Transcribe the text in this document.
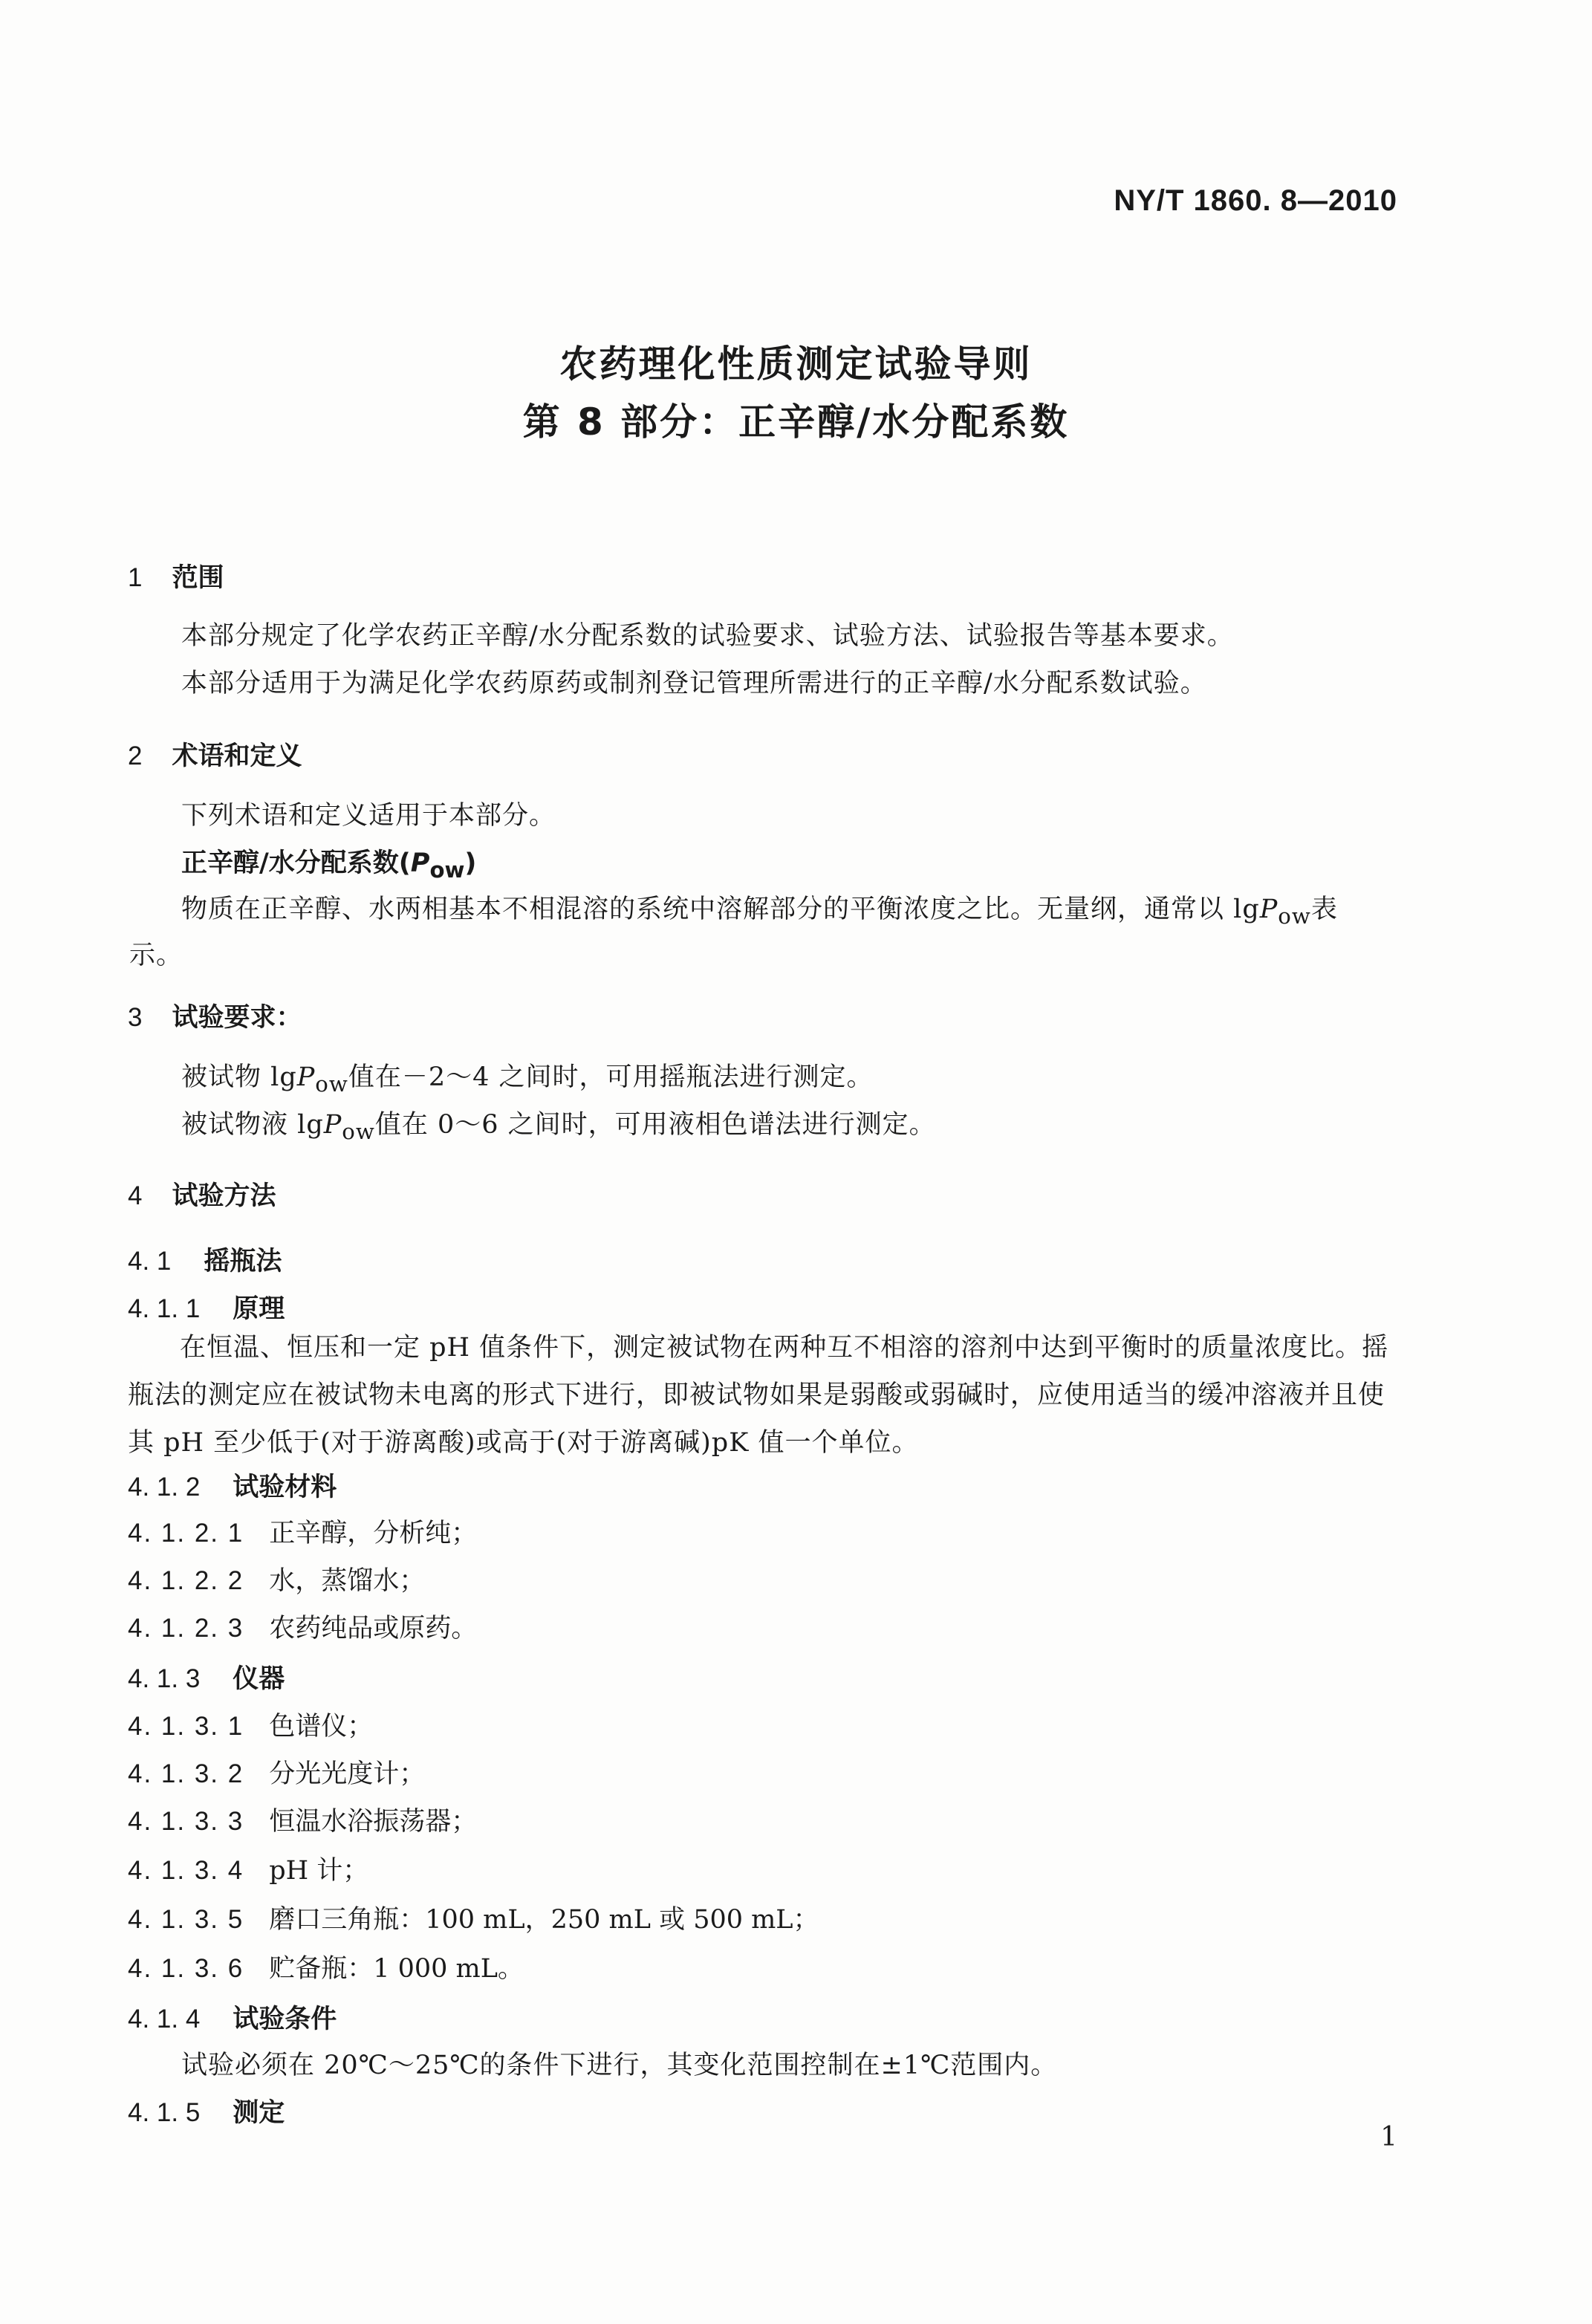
NY/T 1860. 8—2010
农药理化性质测定试验导则
第 8 部分：正辛醇/水分配系数
1 范围
本部分规定了化学农药正辛醇/水分配系数的试验要求、试验方法、试验报告等基本要求。
本部分适用于为满足化学农药原药或制剂登记管理所需进行的正辛醇/水分配系数试验。
2 术语和定义
下列术语和定义适用于本部分。
正辛醇/水分配系数$(P_{ow})$
物质在正辛醇、水两相基本不相混溶的系统中溶解部分的平衡浓度之比。无量纲，通常以 lgP$_{ow}$表
示。
3 试验要求：
被试物 lgP$_{ow}$值在－2～4 之间时，可用摇瓶法进行测定。
被试物液 lgP$_{ow}$值在 0～6 之间时，可用液相色谱法进行测定。
4 试验方法
4. 1 摇瓶法
4. 1. 1 原理
在恒温、恒压和一定 pH 值条件下，测定被试物在两种互不相溶的溶剂中达到平衡时的质量浓度比。摇瓶法的测定应在被试物未电离的形式下进行，即被试物如果是弱酸或弱碱时，应使用适当的缓冲溶液并且使其 pH 至少低于(对于游离酸)或高于(对于游离碱)pK 值一个单位。
4. 1. 2 试验材料
4. 1. 2. 1 正辛醇，分析纯；
4. 1. 2. 2 水，蒸馏水；
4. 1. 2. 3 农药纯品或原药。
4. 1. 3 仪器
4. 1. 3. 1 色谱仪；
4. 1. 3. 2 分光光度计；
4. 1. 3. 3 恒温水浴振荡器；
4. 1. 3. 4 pH 计；
4. 1. 3. 5 磨口三角瓶：100 mL，250 mL 或 500 mL；
4. 1. 3. 6 贮备瓶：1 000 mL。
4. 1. 4 试验条件
试验必须在 20℃～25℃的条件下进行，其变化范围控制在±1℃范围内。
4. 1. 5 测定
1
